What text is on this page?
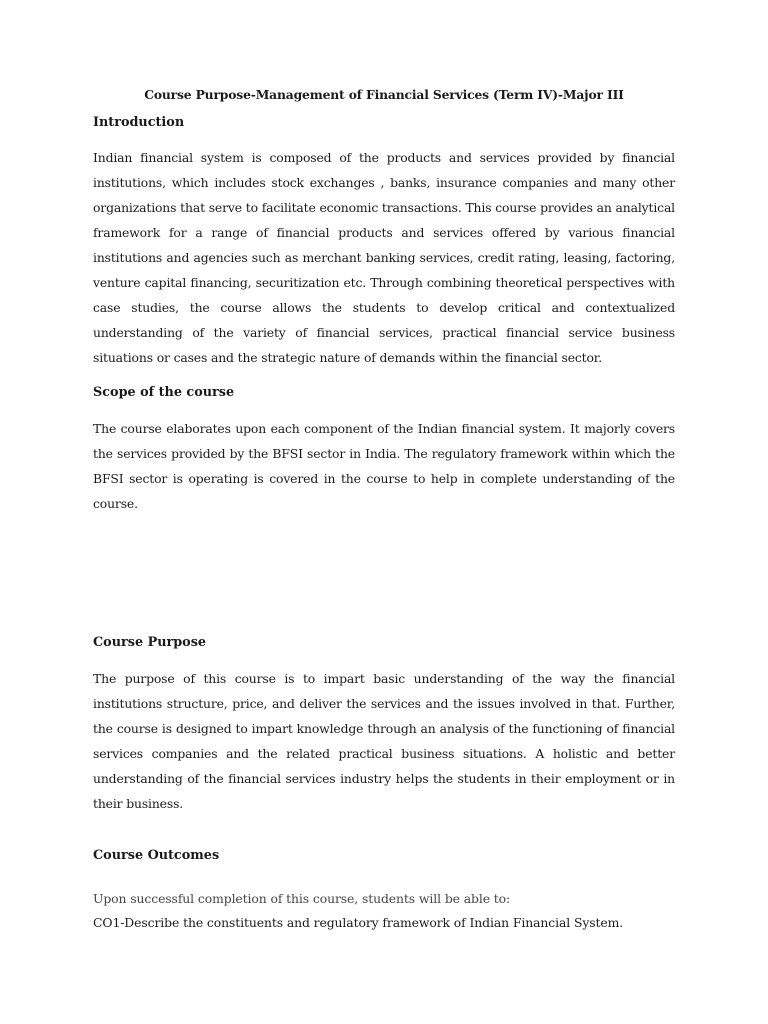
Course Purpose-Management of Financial Services (Term IV)-Major III
Introduction

Indian financial system is composed of the products and services provided by financial institutions, which includes stock exchanges , banks, insurance companies and many other organizations that serve to facilitate economic transactions. This course provides an analytical framework for a range of financial products and services offered by various financial institutions and agencies such as merchant banking services, credit rating, leasing, factoring, venture capital financing, securitization etc. Through combining theoretical perspectives with case studies, the course allows the students to develop critical and contextualized understanding of the variety of financial services, practical financial service business situations or cases and the strategic nature of demands within the financial sector.

Scope of the course

The course elaborates upon each component of the Indian financial system. It majorly covers the services provided by the BFSI sector in India. The regulatory framework within which the BFSI sector is operating is covered in the course to help in complete understanding of the course.

Course Purpose

The purpose of this course is to impart basic understanding of the way the financial institutions structure, price, and deliver the services and the issues involved in that. Further, the course is designed to impart knowledge through an analysis of the functioning of financial services companies and the related practical business situations. A holistic and better understanding of the financial services industry helps the students in their employment or in their business.

Course Outcomes

Upon successful completion of this course, students will be able to:

CO1-Describe the constituents and regulatory framework of Indian Financial System.
